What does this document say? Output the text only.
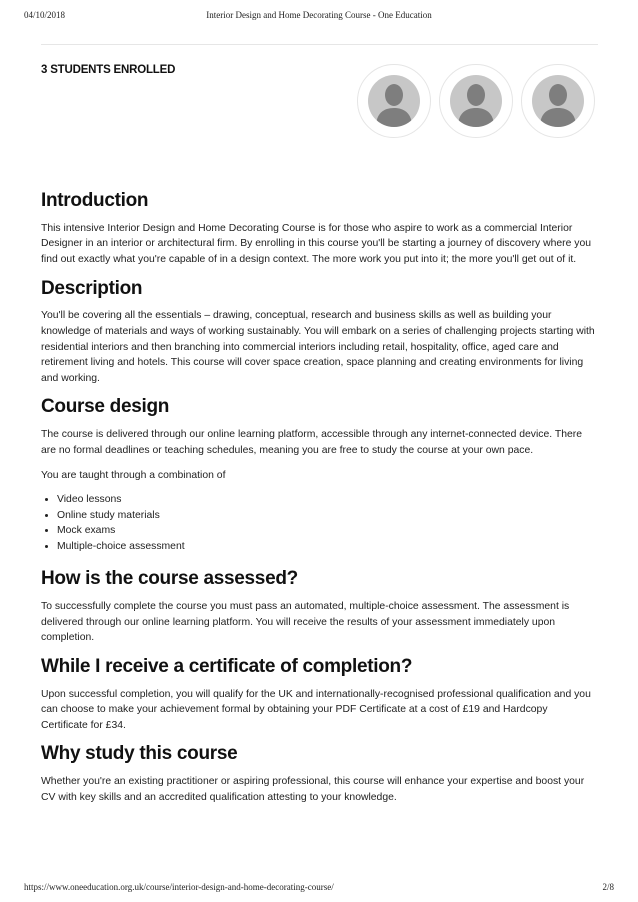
04/10/2018	Interior Design and Home Decorating Course - One Education
3 STUDENTS ENROLLED
Introduction

This intensive Interior Design and Home Decorating Course is for those who aspire to work as a commercial Interior Designer in an interior or architectural firm. By enrolling in this course you'll be starting a journey of discovery where you find out exactly what you're capable of in a design context. The more work you put into it; the more you'll get out of it.

Description

You'll be covering all the essentials – drawing, conceptual, research and business skills as well as building your knowledge of materials and ways of working sustainably. You will embark on a series of challenging projects starting with residential interiors and then branching into commercial interiors including retail, hospitality, office, aged care and retirement living and hotels. This course will cover space creation, space planning and creating environments for living and working.

Course design

The course is delivered through our online learning platform, accessible through any internet-connected device. There are no formal deadlines or teaching schedules, meaning you are free to study the course at your own pace.

You are taught through a combination of

• Video lessons
• Online study materials
• Mock exams
• Multiple-choice assessment
How is the course assessed?

To successfully complete the course you must pass an automated, multiple-choice assessment. The assessment is delivered through our online learning platform. You will receive the results of your assessment immediately upon completion.

While I receive a certificate of completion?

Upon successful completion, you will qualify for the UK and internationally-recognised professional qualification and you can choose to make your achievement formal by obtaining your PDF Certificate at a cost of £19 and Hardcopy Certificate for £34.

Why study this course

Whether you're an existing practitioner or aspiring professional, this course will enhance your expertise and boost your CV with key skills and an accredited qualification attesting to your knowledge.

https://www.oneeducation.org.uk/course/interior-design-and-home-decorating-course/	2/8
